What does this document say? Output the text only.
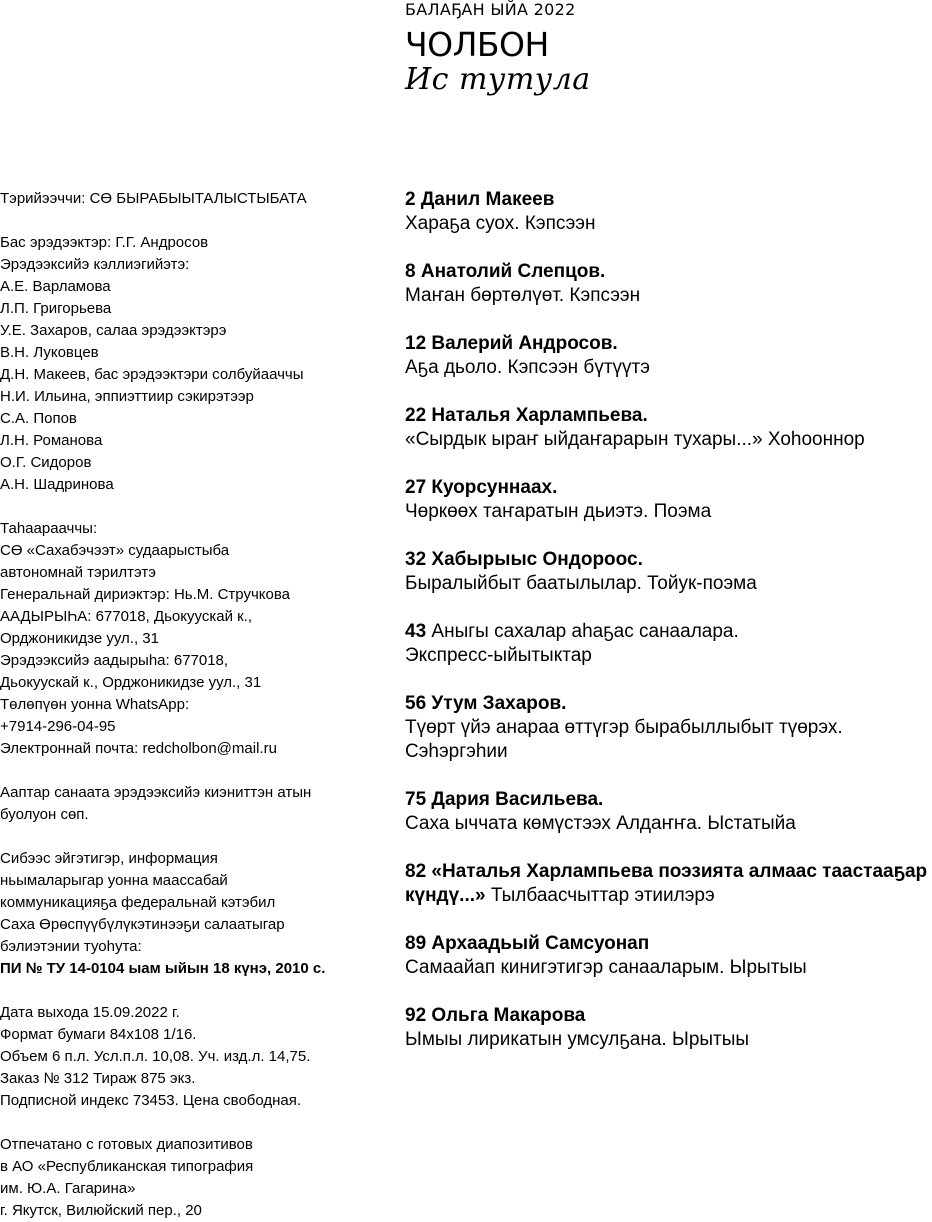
БАЛАҔАН ЫЙА 2022
ЧОЛБОН
Ис тутула
Тэрийээччи: СӨ БЫРАБЫЫТАЛЫСТЫБАТА
Бас эрэдээктэр: Г.Г. Андросов
Эрэдээксийэ кэллиэгийэтэ:
А.Е. Варламова
Л.П. Григорьева
У.Е. Захаров, салаа эрэдээктэрэ
В.Н. Луковцев
Д.Н. Макеев, бас эрэдээктэри солбуйааччы
Н.И. Ильина, эппиэттиир сэкирэтээр
С.А. Попов
Л.Н. Романова
О.Г. Сидоров
А.Н. Шадринова
Таһаарааччы:
СӨ «Сахабэчээт» судаарыстыба
автономнай тэрилтэтэ
Генеральнай дириэктэр: Нь.М. Стручкова
ААДЫРЫҺА: 677018, Дьокуускай к.,
Орджоникидзе уул., 31
Эрэдээксийэ аадырыһа: 677018,
Дьокуускай к., Орджоникидзе уул., 31
Төлөпүөн уонна WhatsApp:
+7914-296-04-95
Электроннай почта: redcholbon@mail.ru
Ааптар санаата эрэдээксийэ киэниттэн атын
буолуон сөп.
Сибээс эйгэтигэр, информация
ньымаларыгар уонна маассабай
коммуникацияҕа федеральнай кэтэбил
Саха Өрөспүүбүлүкэтинээҕи салаатыгар
бэлиэтэнии туоһута:
ПИ № ТУ 14-0104 ыам ыйын 18 күнэ, 2010 с.
Дата выхода 15.09.2022 г.
Формат бумаги 84х108 1/16.
Объем 6 п.л. Усл.п.л. 10,08. Уч. изд.л. 14,75.
Заказ № 312 Тираж 875 экз.
Подписной индекс 73453. Цена свободная.
Отпечатано с готовых диапозитивов
в АО «Республиканская типография
им. Ю.А. Гагарина»
г. Якутск, Вилюйский пер., 20
2 Данил Макеев
Хараҕа суох. Кэпсээн
8 Анатолий Слепцов.
Маҥан бөртөлүөт. Кэпсээн
12 Валерий Андросов.
Аҕа дьоло. Кэпсээн бүтүүтэ
22 Наталья Харлампьева.
«Сырдык ыраҥ ыйдаҥарарын тухары...» Хоһооннор
27 Куорсуннаах.
Чөркөөх таҥаратын дьиэтэ. Поэма
32 Хабырыыс Ондороос.
Быралыйбыт баатылылар. Тойук-поэма
43 Аныгы сахалар аһаҕас санаалара.
Экспресс-ыйытыктар
56 Утум Захаров.
Түөрт үйэ анараа өттүгэр бырабыллыбыт түөрэх.
Сэһэргэһии
75 Дария Васильева.
Саха ыччата көмүстээх Алдаҥҥа. Ыстатыйа
82 «Наталья Харлампьева поэзията алмаас таастааҕар
күндү...» Тылбаасчыттар этиилэрэ
89 Архаадьый Самсуонап
Самаайап кинигэтигэр санааларым. Ырытыы
92 Ольга Макарова
Ымыы лирикатын умсулҕана. Ырытыы
